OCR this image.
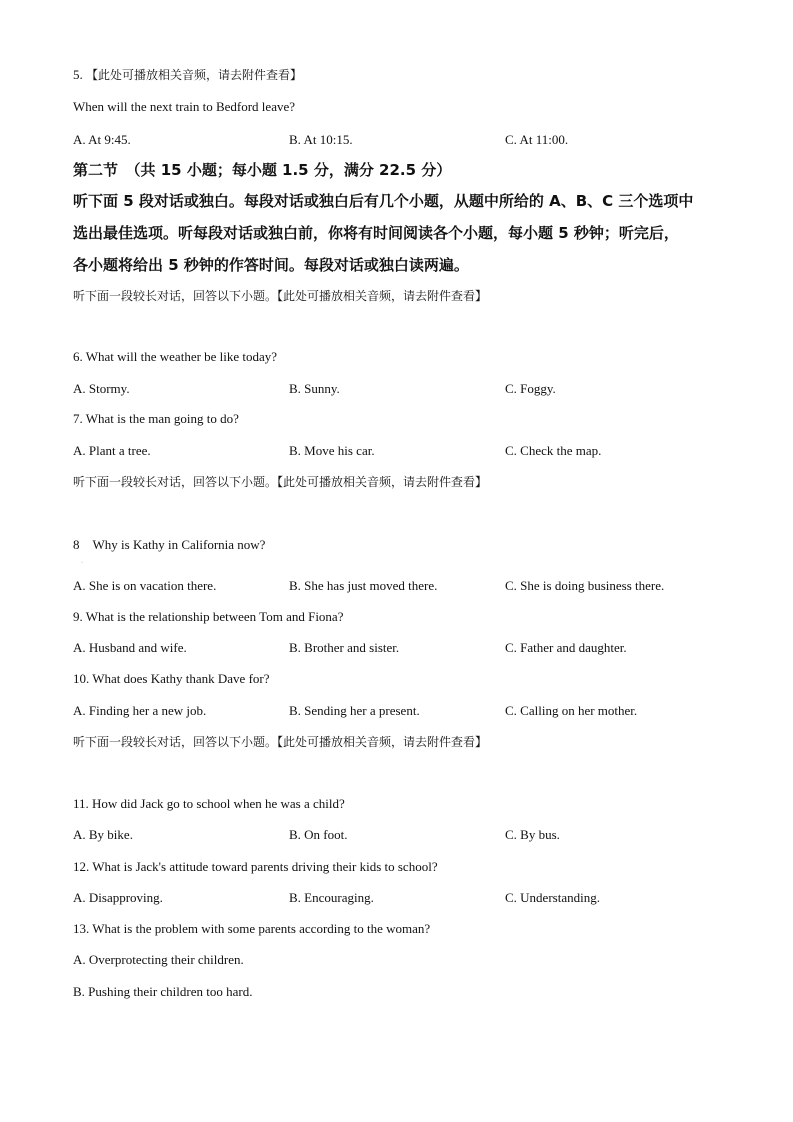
5. 【此处可播放相关音频，请去附件查看】
When will the next train to Bedford leave?
A. At 9:45.	B. At 10:15.	C. At 11:00.
第二节　（共 15 小题；每小题 1.5 分，满分 22.5 分）
听下面 5 段对话或独白。每段对话或独白后有几个小题，从题中所给的 A、B、C 三个选项中
选出最佳选项。听每段对话或独白前，你将有时间阅读各个小题，每小题 5 秒钟；听完后，
各小题将给出 5 秒钟的作答时间。每段对话或独白读两遍。
听下面一段较长对话，回答以下小题。【此处可播放相关音频，请去附件查看】
6. What will the weather be like today?
A. Stormy.	B. Sunny.	C. Foggy.
7. What is the man going to do?
A. Plant a tree.	B. Move his car.	C. Check the map.
听下面一段较长对话，回答以下小题。【此处可播放相关音频，请去附件查看】
8　Why is Kathy in California now?
·
A. She is on vacation there.	B. She has just moved there.	C. She is doing business there.
9. What is the relationship between Tom and Fiona?
A. Husband and wife.	B. Brother and sister.	C. Father and daughter.
10. What does Kathy thank Dave for?
A. Finding her a new job.	B. Sending her a present.	C. Calling on her mother.
听下面一段较长对话，回答以下小题。【此处可播放相关音频，请去附件查看】
11. How did Jack go to school when he was a child?
A. By bike.	B. On foot.	C. By bus.
12. What is Jack's attitude toward parents driving their kids to school?
A. Disapproving.	B. Encouraging.	C. Understanding.
13. What is the problem with some parents according to the woman?
A. Overprotecting their children.
B. Pushing their children too hard.
